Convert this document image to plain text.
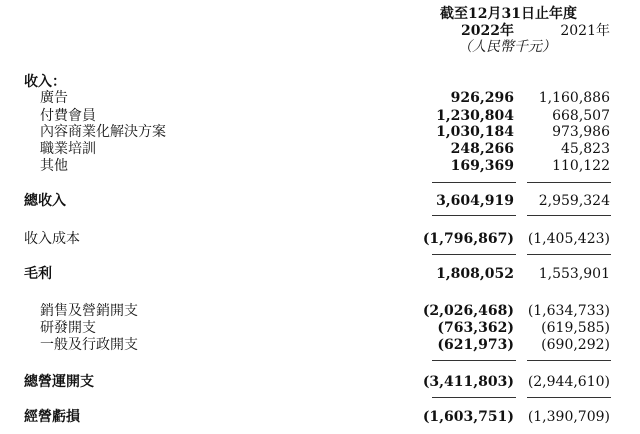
截至12月31日止年度
2022年	2021年
（人民幣千元）
收入：
廣告	926,296 1,160,886
付費會員	1,230,804	668,507
內容商業化解決方案	1,030,184	973,986
職業培訓	248,266	45,823
其他	169,369	110,122
總收入	3,604,919 2,959,324
收入成本	(1,796,867) (1,405,423)
毛利	1,808,052 1,553,901
銷售及營銷開支	(2,026,468) (1,634,733)
研發開支	(763,362) (619,585)
一般及行政開支	(621,973) (690,292)
總營運開支	(3,411,803) (2,944,610)
經營虧損	(1,603,751) (1,390,709)
